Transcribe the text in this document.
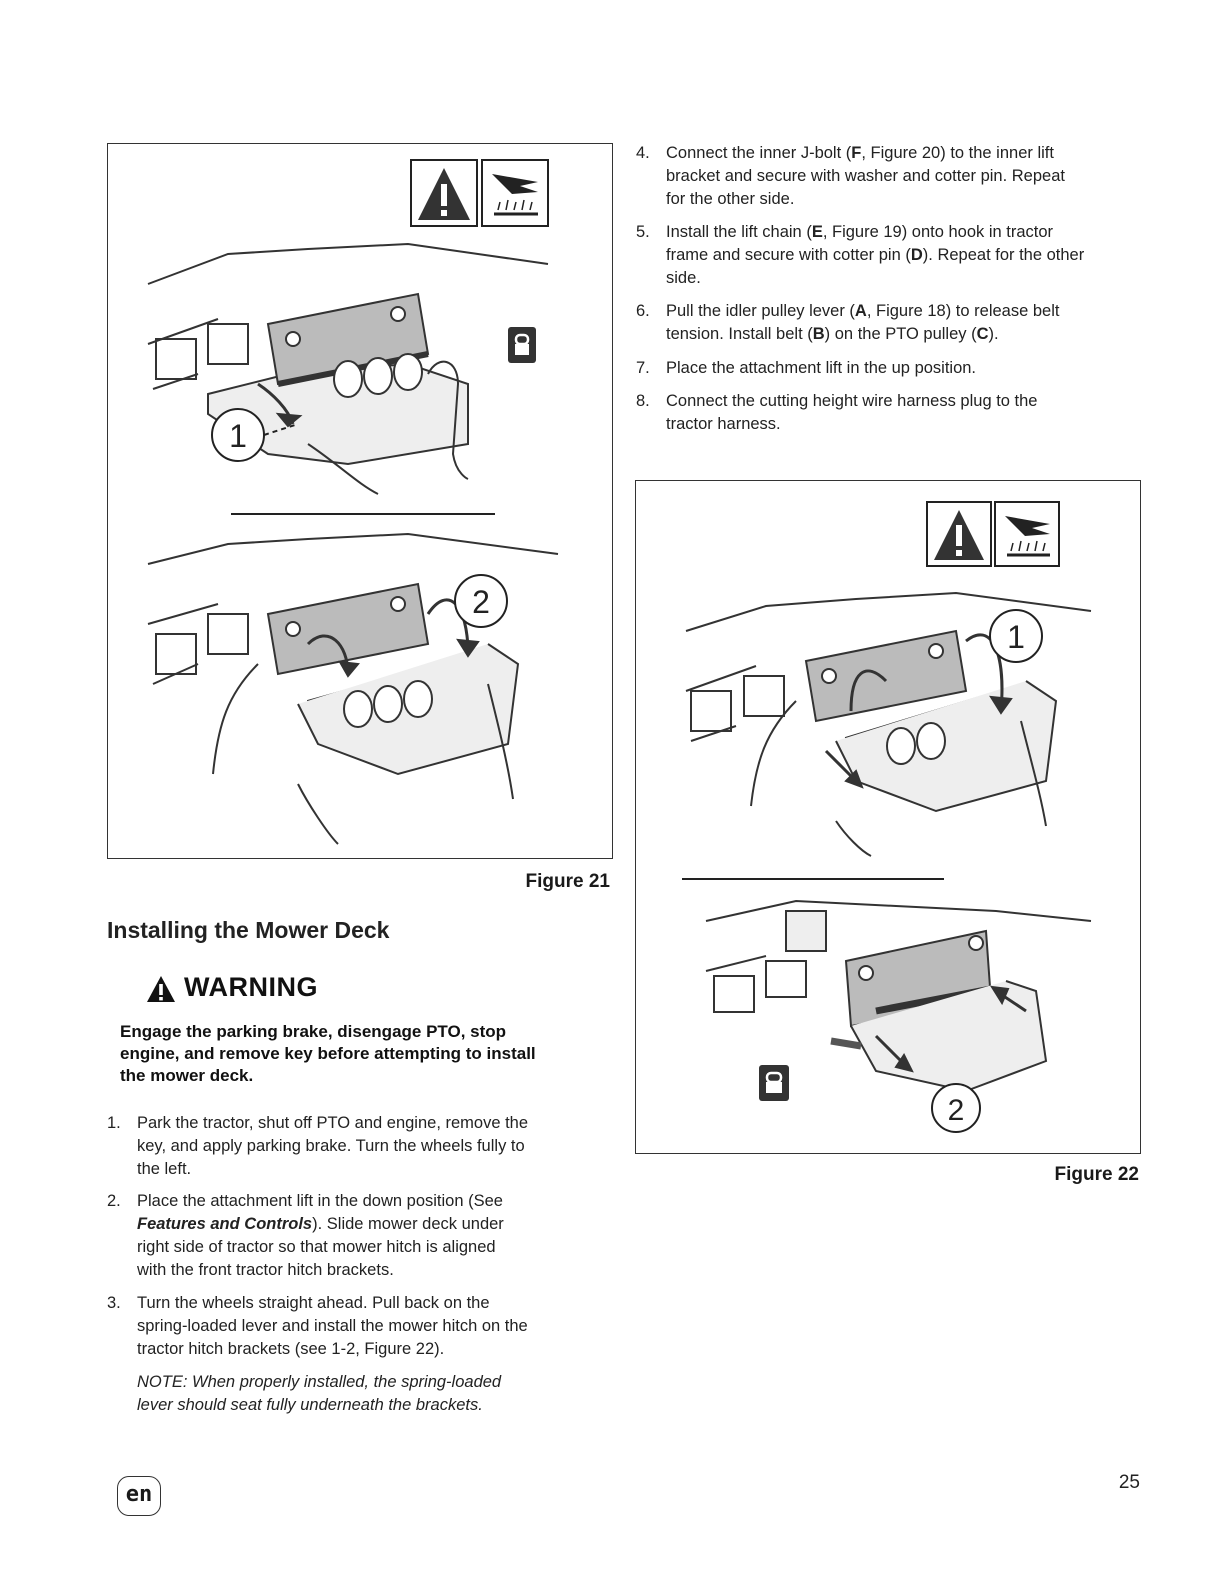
1
2
Figure 21
Installing the Mower Deck
WARNING
Engage the parking brake, disengage PTO, stop
engine, and remove key before attempting to install
the mower deck.
1. Park the tractor, shut off PTO and engine, remove the
key, and apply parking brake. Turn the wheels fully to
the left.
2. Place the attachment lift in the down position (See
Features and Controls). Slide mower deck under
right side of tractor so that mower hitch is aligned
with the front tractor hitch brackets.
3. Turn the wheels straight ahead. Pull back on the
spring-loaded lever and install the mower hitch on the
tractor hitch brackets (see 1-2, Figure 22).
NOTE: When properly installed, the spring-loaded
lever should seat fully underneath the brackets.
4. Connect the inner J-bolt (F, Figure 20) to the inner lift
bracket and secure with washer and cotter pin. Repeat
for the other side.
5. Install the lift chain (E, Figure 19) onto hook in tractor
frame and secure with cotter pin (D). Repeat for the other
side.
6. Pull the idler pulley lever (A, Figure 18) to release belt
tension. Install belt (B) on the PTO pulley (C).
7. Place the attachment lift in the up position.
8. Connect the cutting height wire harness plug to the
tractor harness.
1
2
Figure 22
en	25
